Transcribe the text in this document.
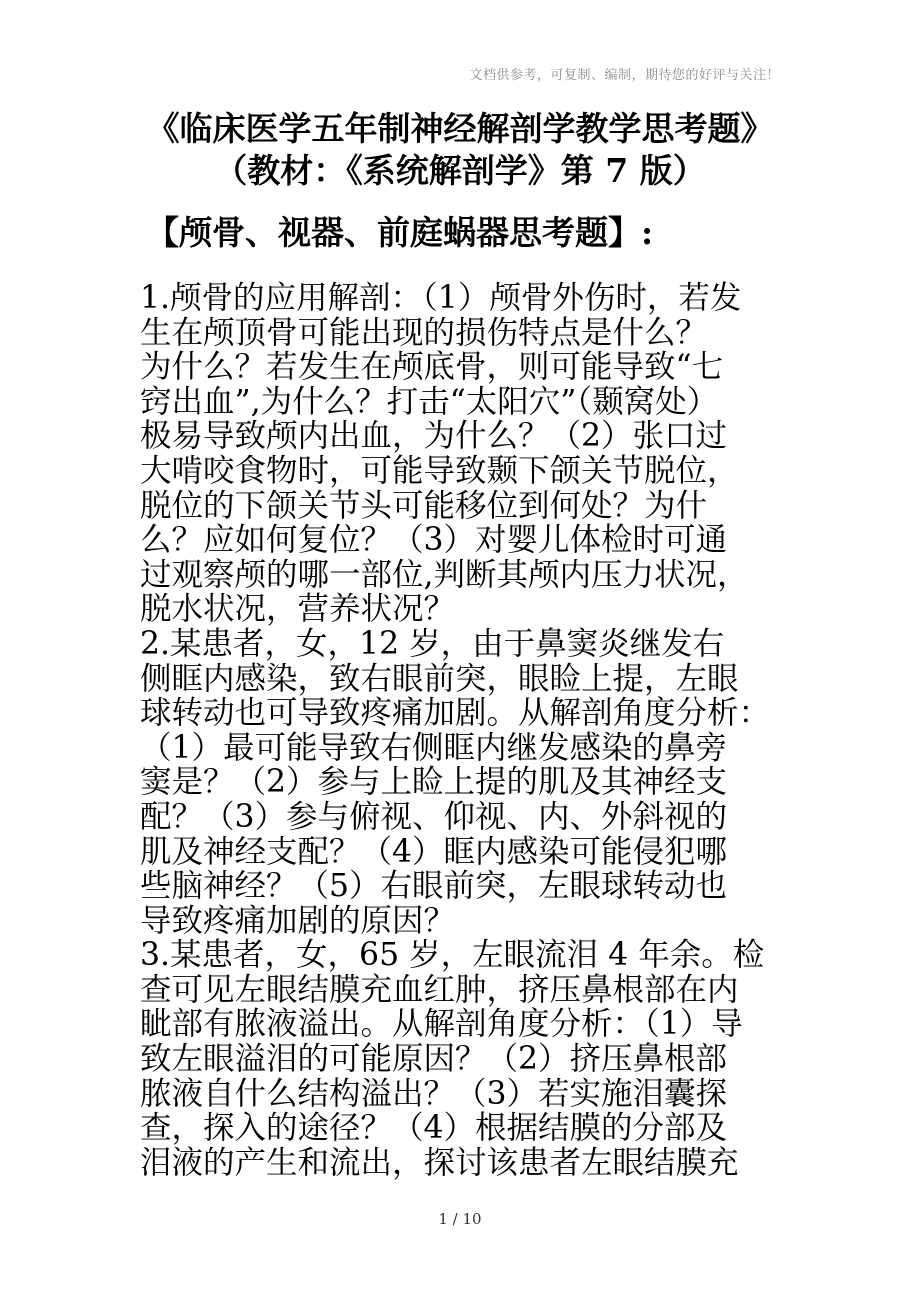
文档供参考，可复制、编制，期待您的好评与关注！
《临床医学五年制神经解剖学教学思考题》
（教材：《系统解剖学》第 7 版）
【颅骨、视器、前庭蜗器思考题】:
1.颅骨的应用解剖：（1）颅骨外伤时，若发
生在颅顶骨可能出现的损伤特点是什么？
为什么？若发生在颅底骨，则可能导致“七
窍出血”,为什么？打击“太阳穴”（颞窝处）
极易导致颅内出血，为什么？（2）张口过
大啃咬食物时，可能导致颞下颌关节脱位，
脱位的下颌关节头可能移位到何处？为什
么？应如何复位？（3）对婴儿体检时可通
过观察颅的哪一部位,判断其颅内压力状况，
脱水状况，营养状况？
2.某患者，女，12 岁，由于鼻窦炎继发右
侧眶内感染，致右眼前突，眼睑上提，左眼
球转动也可导致疼痛加剧。从解剖角度分析：
（1）最可能导致右侧眶内继发感染的鼻旁
窦是？（2）参与上睑上提的肌及其神经支
配？（3）参与俯视、仰视、内、外斜视的
肌及神经支配？（4）眶内感染可能侵犯哪
些脑神经？（5）右眼前突，左眼球转动也
导致疼痛加剧的原因？
3.某患者，女，65 岁，左眼流泪 4 年余。检
查可见左眼结膜充血红肿，挤压鼻根部在内
眦部有脓液溢出。从解剖角度分析：（1）导
致左眼溢泪的可能原因？（2）挤压鼻根部
脓液自什么结构溢出？（3）若实施泪囊探
查，探入的途径？（4）根据结膜的分部及
泪液的产生和流出，探讨该患者左眼结膜充
1 / 10
